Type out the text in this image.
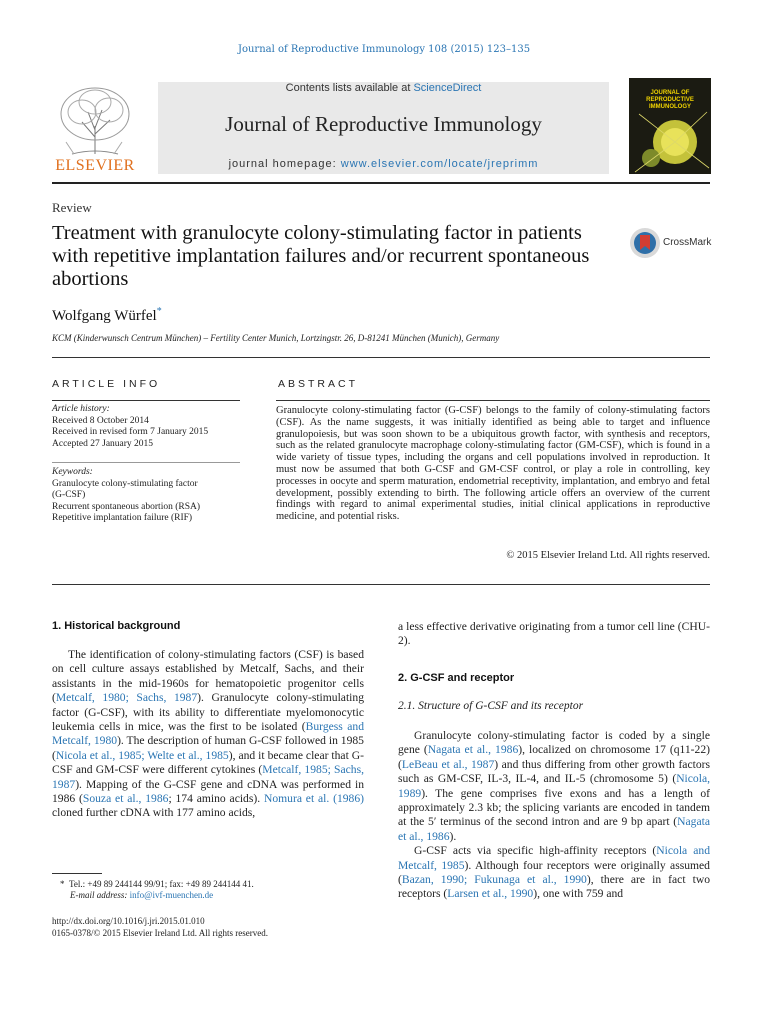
Journal of Reproductive Immunology 108 (2015) 123–135
ELSEVIER
Contents lists available at ScienceDirect
Journal of Reproductive Immunology
journal homepage: www.elsevier.com/locate/jreprimm
JOURNAL OF REPRODUCTIVE IMMUNOLOGY
Review
Treatment with granulocyte colony-stimulating factor in patients with repetitive implantation failures and/or recurrent spontaneous abortions
CrossMark
Wolfgang Würfel*
KCM (Kinderwunsch Centrum München) – Fertility Center Munich, Lortzingstr. 26, D-81241 München (Munich), Germany
ARTICLE INFO
Article history:
Received 8 October 2014
Received in revised form 7 January 2015
Accepted 27 January 2015
Keywords:
Granulocyte colony-stimulating factor
(G-CSF)
Recurrent spontaneous abortion (RSA)
Repetitive implantation failure (RIF)
ABSTRACT
Granulocyte colony-stimulating factor (G-CSF) belongs to the family of colony-stimulating factors (CSF). As the name suggests, it was initially identified as being able to target and influence granulopoiesis, but was soon shown to be a ubiquitous growth factor, with synthesis and receptors, such as the related granulocyte macrophage colony-stimulating factor (GM-CSF), which is found in a wide variety of tissue types, including the organs and cell populations involved in reproduction. It must now be assumed that both G-CSF and GM-CSF control, or play a role in controlling, key processes in oocyte and sperm maturation, endometrial receptivity, implantation, and embryo and fetal development, possibly extending to birth. The following article offers an overview of the current findings with regard to animal experimental studies, initial clinical applications in reproductive medicine, and potential risks.
© 2015 Elsevier Ireland Ltd. All rights reserved.
1. Historical background

The identification of colony-stimulating factors (CSF) is based on cell culture assays established by Metcalf, Sachs, and their assistants in the mid-1960s for hematopoietic progenitor cells (Metcalf, 1980; Sachs, 1987). Granulocyte colony-stimulating factor (G-CSF), with its ability to differentiate myelomonocytic leukemia cells in mice, was the first to be isolated (Burgess and Metcalf, 1980). The description of human G-CSF followed in 1985 (Nicola et al., 1985; Welte et al., 1985), and it became clear that G-CSF and GM-CSF were different cytokines (Metcalf, 1985; Sachs, 1987). Mapping of the G-CSF gene and cDNA was performed in 1986 (Souza et al., 1986; 174 amino acids). Nomura et al. (1986) cloned further cDNA with 177 amino acids,

a less effective derivative originating from a tumor cell line (CHU-2).

2. G-CSF and receptor
2.1. Structure of G-CSF and its receptor

Granulocyte colony-stimulating factor is coded by a single gene (Nagata et al., 1986), localized on chromosome 17 (q11-22) (LeBeau et al., 1987) and thus differing from other growth factors such as GM-CSF, IL-3, IL-4, and IL-5 (chromosome 5) (Nicola, 1989). The gene comprises five exons and has a length of approximately 2.3 kb; the splicing variants are encoded in tandem at the 5′ terminus of the second intron and are 9 bp apart (Nagata et al., 1986).

G-CSF acts via specific high-affinity receptors (Nicola and Metcalf, 1985). Although four receptors were originally assumed (Bazan, 1990; Fukunaga et al., 1990), there are in fact two receptors (Larsen et al., 1990), one with 759 and

* Tel.: +49 89 244144 99/91; fax: +49 89 244144 41.
E-mail address: info@ivf-muenchen.de
http://dx.doi.org/10.1016/j.jri.2015.01.010
0165-0378/© 2015 Elsevier Ireland Ltd. All rights reserved.
